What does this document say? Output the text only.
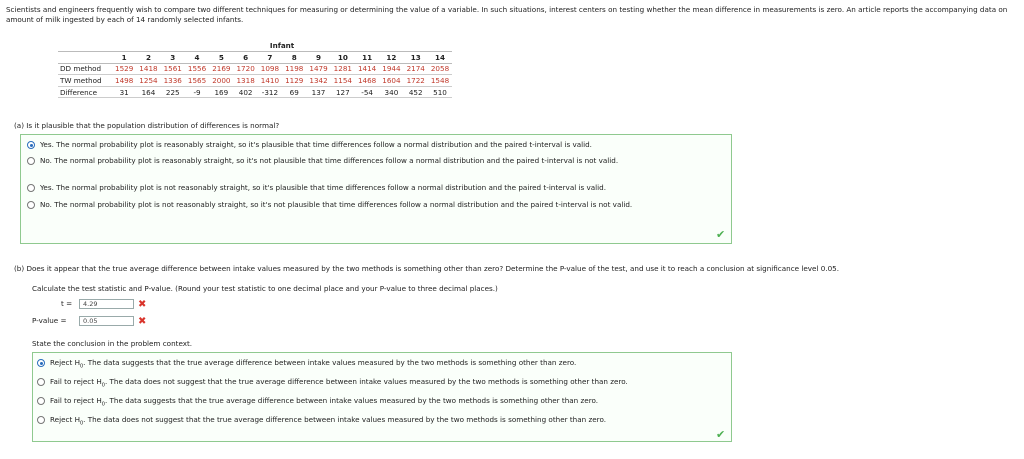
Scientists and engineers frequently wish to compare two different techniques for measuring or determining the value of a variable. In such situations, interest centers on testing whether the mean difference in measurements is zero. An article reports the accompanying data on amount of milk ingested by each of 14 randomly selected infants.
	Infant													
	1	2	3	4	5	6	7	8	9	10	11	12	13	14
DD method	1529	1418	1561	1556	2169	1720	1098	1198	1479	1281	1414	1944	2174	2058
TW method	1498	1254	1336	1565	2000	1318	1410	1129	1342	1154	1468	1604	1722	1548
Difference	31	164	225	-9	169	402	-312	69	137	127	-54	340	452	510
(a) Is it plausible that the population distribution of differences is normal?
Yes. The normal probability plot is reasonably straight, so it's plausible that time differences follow a normal distribution and the paired t-interval is valid.
No. The normal probability plot is reasonably straight, so it's not plausible that time differences follow a normal distribution and the paired t-interval is not valid.
Yes. The normal probability plot is not reasonably straight, so it's plausible that time differences follow a normal distribution and the paired t-interval is valid.
No. The normal probability plot is not reasonably straight, so it's not plausible that time differences follow a normal distribution and the paired t-interval is not valid.
✔
(b) Does it appear that the true average difference between intake values measured by the two methods is something other than zero? Determine the P-value of the test, and use it to reach a conclusion at significance level 0.05.
Calculate the test statistic and P-value. (Round your test statistic to one decimal place and your P-value to three decimal places.)
t =	4.29	✖
P-value =	0.05	✖
State the conclusion in the problem context.
Reject $H_0$. The data suggests that the true average difference between intake values measured by the two methods is something other than zero.
Fail to reject $H_0$. The data does not suggest that the true average difference between intake values measured by the two methods is something other than zero.
Fail to reject $H_0$. The data suggests that the true average difference between intake values measured by the two methods is something other than zero.
Reject $H_0$. The data does not suggest that the true average difference between intake values measured by the two methods is something other than zero.
✔
